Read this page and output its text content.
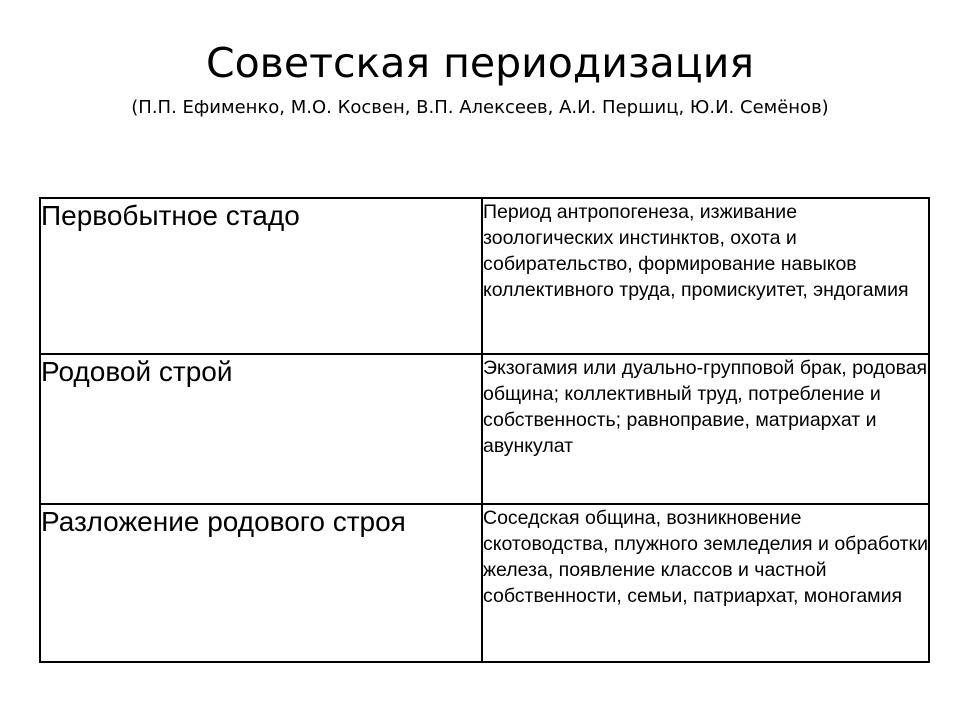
Советская периодизация
(П.П. Ефименко, М.О. Косвен, В.П. Алексеев, А.И. Першиц, Ю.И. Семёнов)
Первобытное стадо	Период антропогенеза, изживание зоологических инстинктов, охота и собирательство, формирование навыков коллективного труда, промискуитет, эндогамия
Родовой строй	Экзогамия или дуально-групповой брак, родовая община; коллективный труд, потребление и собственность; равноправие, матриархат и авункулат
Разложение родового строя	Соседская община, возникновение скотоводства, плужного земледелия и обработки железа, появление классов и частной собственности, семьи, патриархат, моногамия
